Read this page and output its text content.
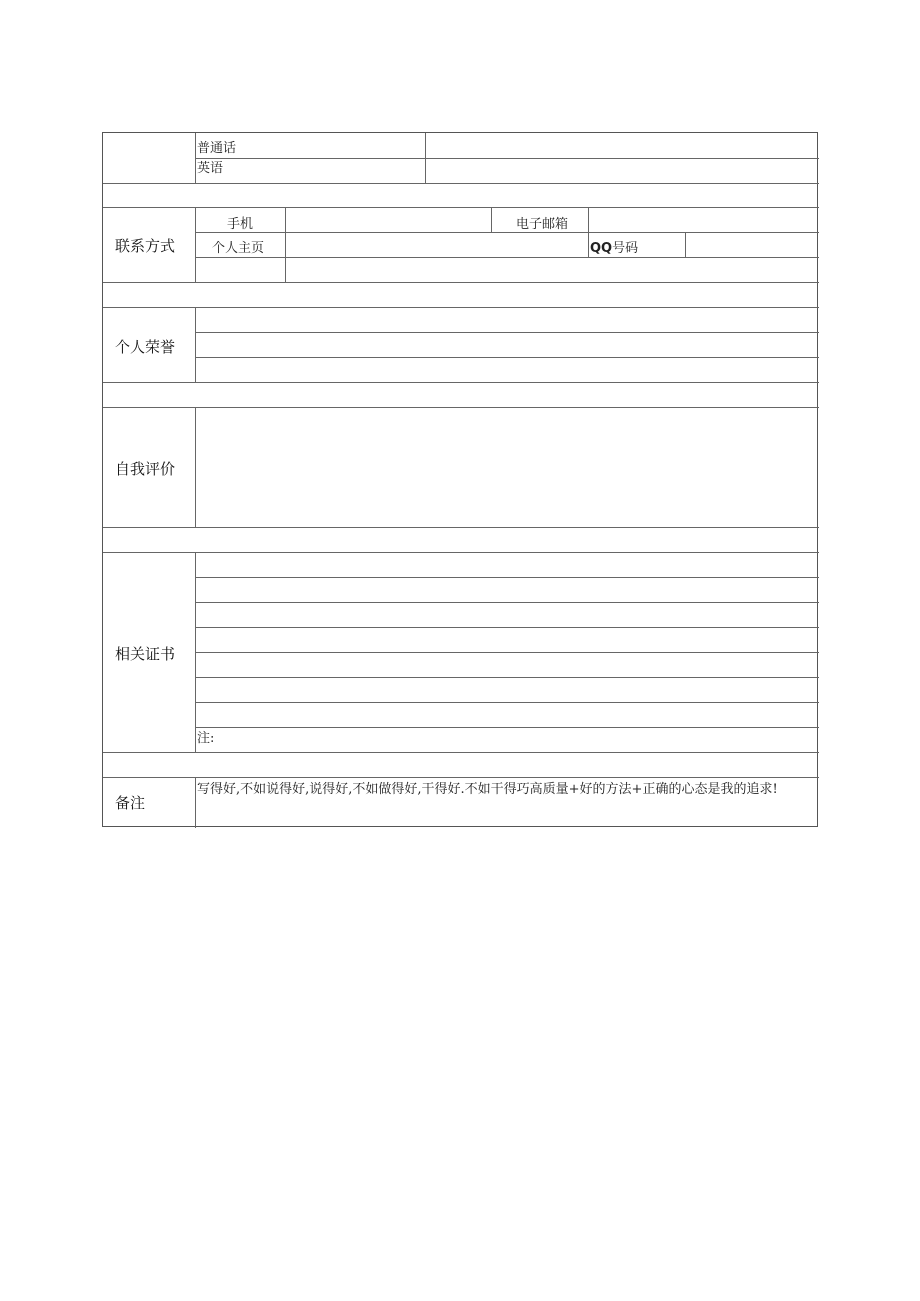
普通话
英语
联系方式
手机	电子邮箱
个人主页	QQ号码
个人荣誉
自我评价
相关证书
注:
备注
写得好,不如说得好,说得好,不如做得好,干得好.不如干得巧高质量+好的方法+正确的心态是我的追求!
